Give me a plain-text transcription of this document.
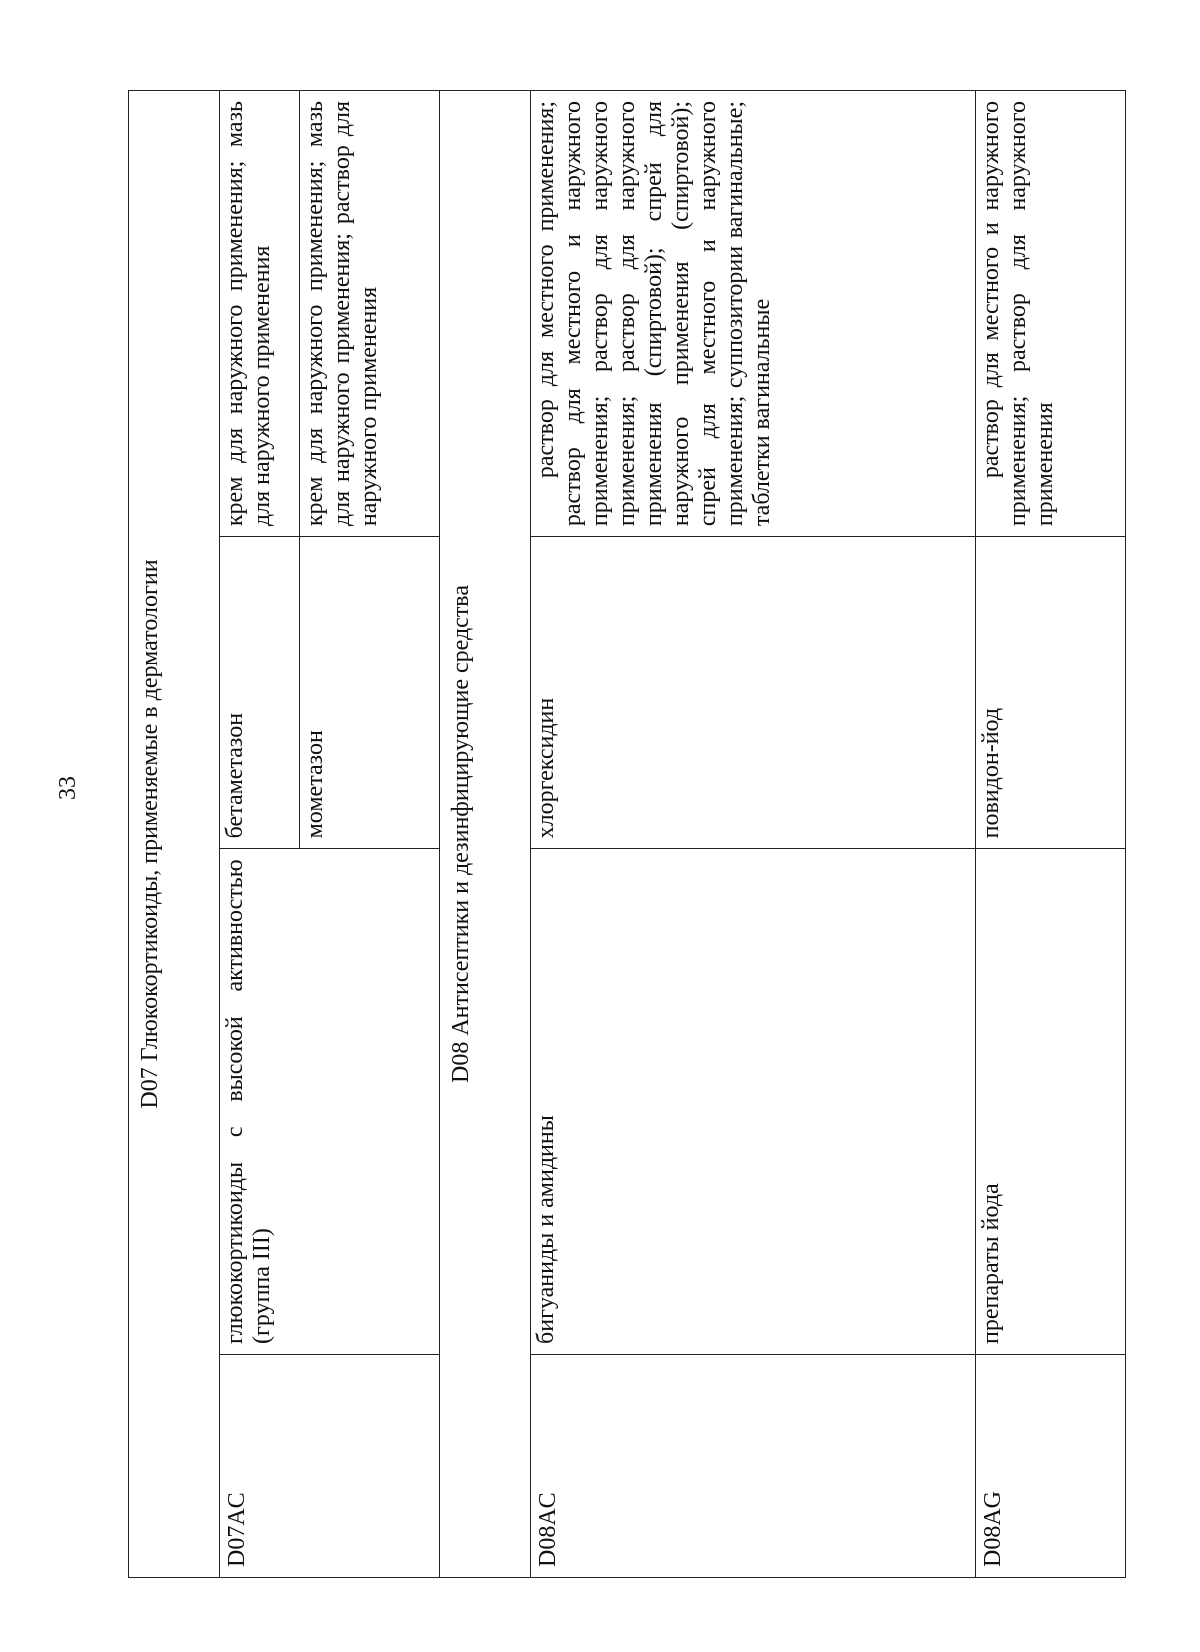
33 D07 Глюкокортикоиды, применяемые в дерматологии			
D07AC	глюкокортикоиды с высокой активностью (группа III)	бетаметазон	крем для наружного применения; мазь для наружного применения
		мометазон	крем для наружного применения; мазь для наружного применения; раствор для наружного применения
D08 Антисептики и дезинфицирующие средства			
D08AC	бигуаниды и амидины	хлоргексидин	раствор для местного применения; раствор для местного и наружного применения; раствор для наружного применения; раствор для наружного применения (спиртовой); спрей для наружного применения (спиртовой); спрей для местного и наружного применения; суппозитории вагинальные; таблетки вагинальные
D08AG	препараты йода	повидон-йод	раствор для местного и наружного применения; раствор для наружного применения
